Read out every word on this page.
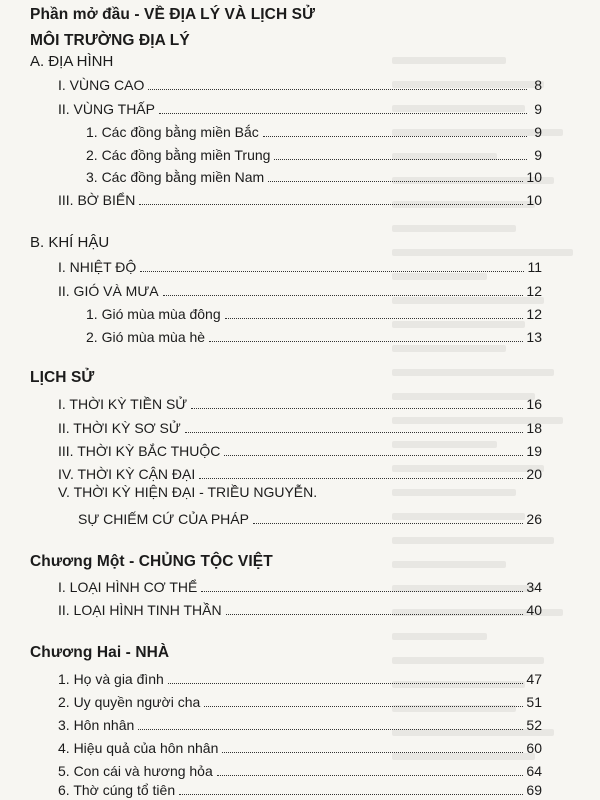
Phần mở đầu - VỀ ĐỊA LÝ VÀ LỊCH SỬ
MÔI TRƯỜNG ĐỊA LÝ
A. ĐỊA HÌNH
I. VÙNG CAO	8
II. VÙNG THẤP	9
1. Các đồng bằng miền Bắc	9
2. Các đồng bằng miền Trung	9
3. Các đồng bằng miền Nam	10
III. BỜ BIỂN	10
B. KHÍ HẬU
I. NHIỆT ĐỘ	11
II. GIÓ VÀ MƯA	12
1. Gió mùa mùa đông	12
2. Gió mùa mùa hè	13
LỊCH SỬ
I. THỜI KỲ TIỀN SỬ	16
II. THỜI KỲ SƠ SỬ	18
III. THỜI KỲ BẮC THUỘC	19
IV. THỜI KỲ CẬN ĐẠI	20
V. THỜI KỲ HIỆN ĐẠI - TRIỀU NGUYỄN.
SỰ CHIẾM CỨ CỦA PHÁP	26
Chương Một - CHỦNG TỘC VIỆT
I. LOẠI HÌNH CƠ THỂ	34
II. LOẠI HÌNH TINH THẦN	40
Chương Hai - NHÀ
1. Họ và gia đình	47
2. Uy quyền người cha	51
3. Hôn nhân	52
4. Hiệu quả của hôn nhân	60
5. Con cái và hương hỏa	64
6. Thờ cúng tổ tiên	69
